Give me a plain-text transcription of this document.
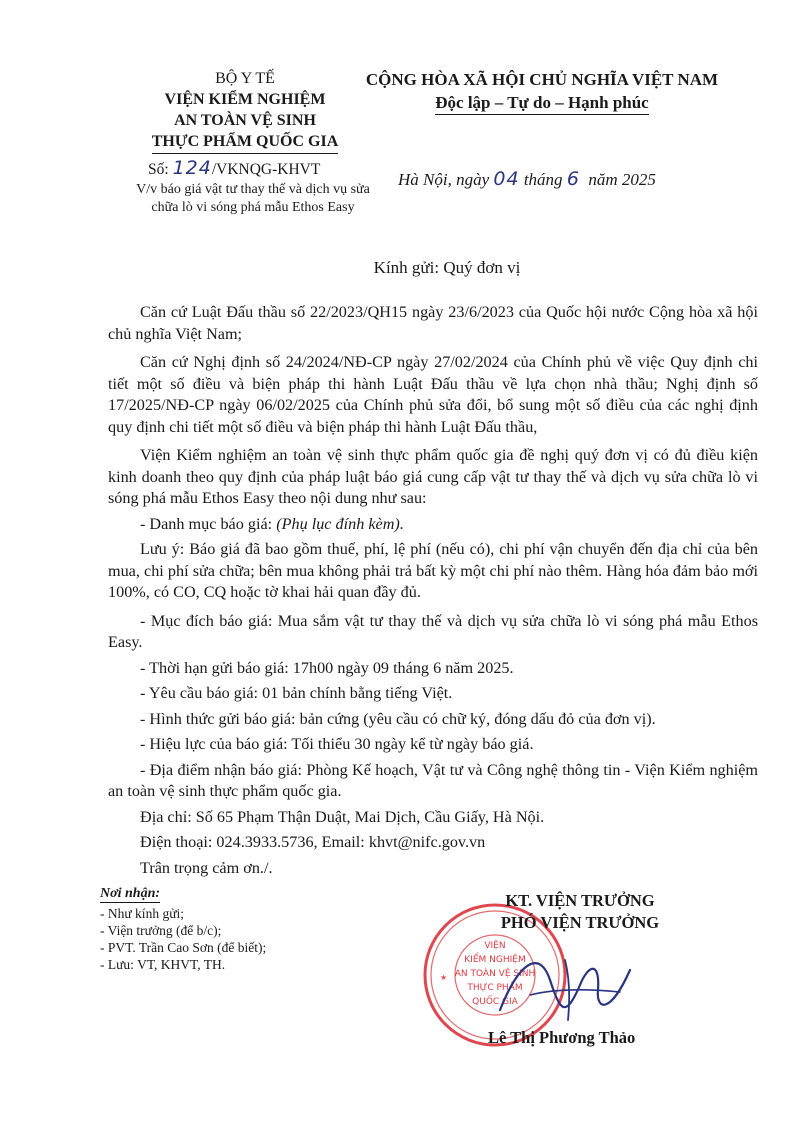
BỘ Y TẾ
VIỆN KIỂM NGHIỆM
AN TOÀN VỆ SINH
THỰC PHẨM QUỐC GIA
CỘNG HÒA XÃ HỘI CHỦ NGHĨA VIỆT NAM
Độc lập – Tự do – Hạnh phúc
Số: 124/VKNQG-KHVT
V/v báo giá vật tư thay thế và dịch vụ sửa chữa lò vi sóng phá mẫu Ethos Easy
Hà Nội, ngày 04 tháng 6 năm 2025
Kính gửi: Quý đơn vị

Căn cứ Luật Đấu thầu số 22/2023/QH15 ngày 23/6/2023 của Quốc hội nước Cộng hòa xã hội chủ nghĩa Việt Nam;

Căn cứ Nghị định số 24/2024/NĐ-CP ngày 27/02/2024 của Chính phủ về việc Quy định chi tiết một số điều và biện pháp thi hành Luật Đấu thầu về lựa chọn nhà thầu; Nghị định số 17/2025/NĐ-CP ngày 06/02/2025 của Chính phủ sửa đổi, bổ sung một số điều của các nghị định quy định chi tiết một số điều và biện pháp thi hành Luật Đấu thầu,

Viện Kiểm nghiệm an toàn vệ sinh thực phẩm quốc gia đề nghị quý đơn vị có đủ điều kiện kinh doanh theo quy định của pháp luật báo giá cung cấp vật tư thay thế và dịch vụ sửa chữa lò vi sóng phá mẫu Ethos Easy theo nội dung như sau:

- Danh mục báo giá: (Phụ lục đính kèm).

Lưu ý: Báo giá đã bao gồm thuế, phí, lệ phí (nếu có), chi phí vận chuyển đến địa chỉ của bên mua, chi phí sửa chữa; bên mua không phải trả bất kỳ một chi phí nào thêm. Hàng hóa đảm bảo mới 100%, có CO, CQ hoặc tờ khai hải quan đầy đủ.

- Mục đích báo giá: Mua sắm vật tư thay thế và dịch vụ sửa chữa lò vi sóng phá mẫu Ethos Easy.

- Thời hạn gửi báo giá: 17h00 ngày 09 tháng 6 năm 2025.

- Yêu cầu báo giá: 01 bản chính bằng tiếng Việt.

- Hình thức gửi báo giá: bản cứng (yêu cầu có chữ ký, đóng dấu đỏ của đơn vị).

- Hiệu lực của báo giá: Tối thiểu 30 ngày kể từ ngày báo giá.

- Địa điểm nhận báo giá: Phòng Kế hoạch, Vật tư và Công nghệ thông tin - Viện Kiểm nghiệm an toàn vệ sinh thực phẩm quốc gia.

Địa chỉ: Số 65 Phạm Thận Duật, Mai Dịch, Cầu Giấy, Hà Nội.

Điện thoại: 024.3933.5736, Email: khvt@nifc.gov.vn

Trân trọng cảm ơn./.

Nơi nhận:
- Như kính gửi;
- Viện trưởng (để b/c);
- PVT. Trần Cao Sơn (để biết);
- Lưu: VT, KHVT, TH.
VIỆN
KIỂM NGHIỆM
AN TOÀN VỆ SINH
THỰC PHẨM
QUỐC GIA
★
KT. VIỆN TRƯỞNG
PHÓ VIỆN TRƯỞNG
Lê Thị Phương Thảo
